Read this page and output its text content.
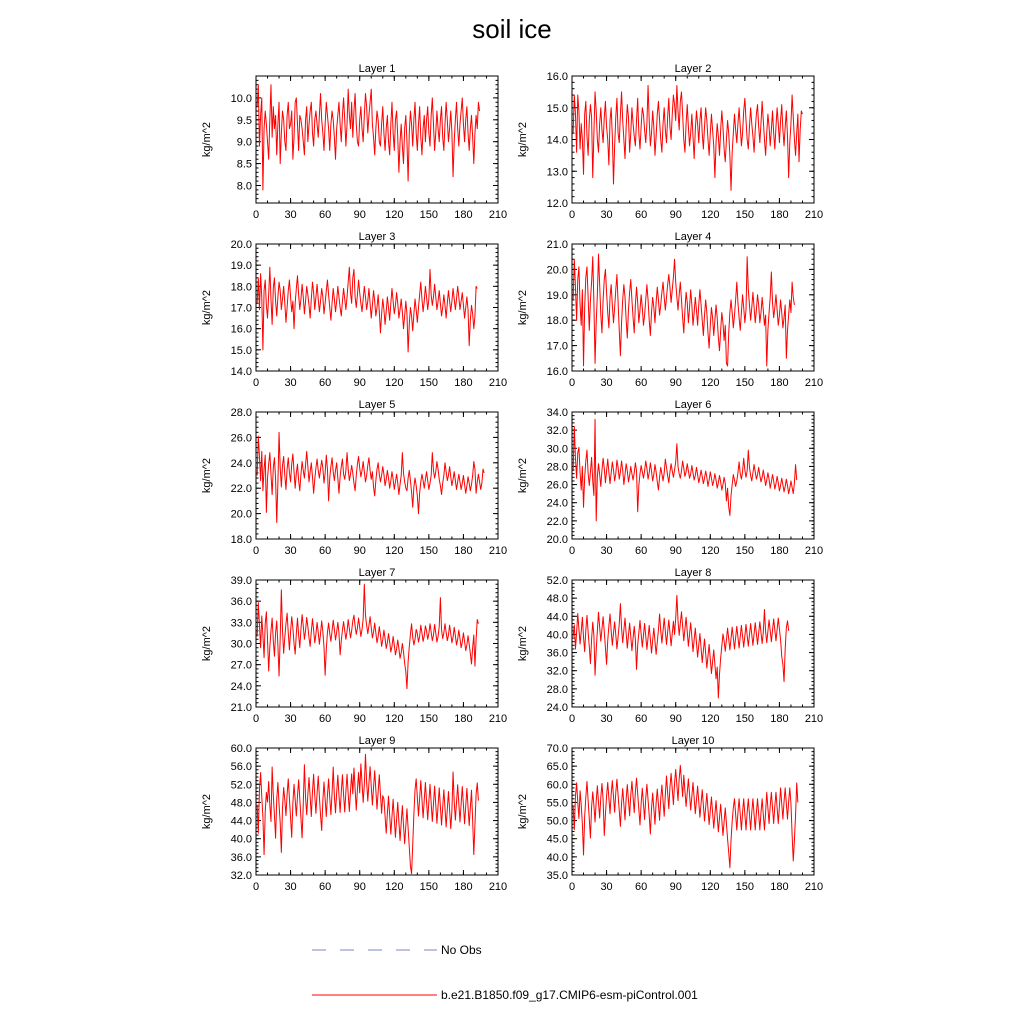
soil ice
Layer 1
kg/m^2
0 30 60 90 120 150 180 210
8.0
8.5
9.0
9.5
10.0
Layer 2
kg/m^2
0 30 60 90 120 150 180 210
12.0
13.0
14.0
15.0
16.0
Layer 3
kg/m^2
0 30 60 90 120 150 180 210
14.0
15.0
16.0
17.0
18.0
19.0
20.0
Layer 4
kg/m^2
0 30 60 90 120 150 180 210
16.0
17.0
18.0
19.0
20.0
21.0
Layer 5
kg/m^2
0 30 60 90 120 150 180 210
18.0
20.0
22.0
24.0
26.0
28.0
Layer 6
kg/m^2
0 30 60 90 120 150 180 210
20.0
22.0
24.0
26.0
28.0
30.0
32.0
34.0
Layer 7
kg/m^2
0 30 60 90 120 150 180 210
21.0
24.0
27.0
30.0
33.0
36.0
39.0
Layer 8
kg/m^2
0 30 60 90 120 150 180 210
24.0
28.0
32.0
36.0
40.0
44.0
48.0
52.0
Layer 9
kg/m^2
0 30 60 90 120 150 180 210
32.0
36.0
40.0
44.0
48.0
52.0
56.0
60.0
Layer 10
kg/m^2
0 30 60 90 120 150 180 210
35.0
40.0
45.0
50.0
55.0
60.0
65.0
70.0
No Obs
b.e21.B1850.f09_g17.CMIP6-esm-piControl.001
